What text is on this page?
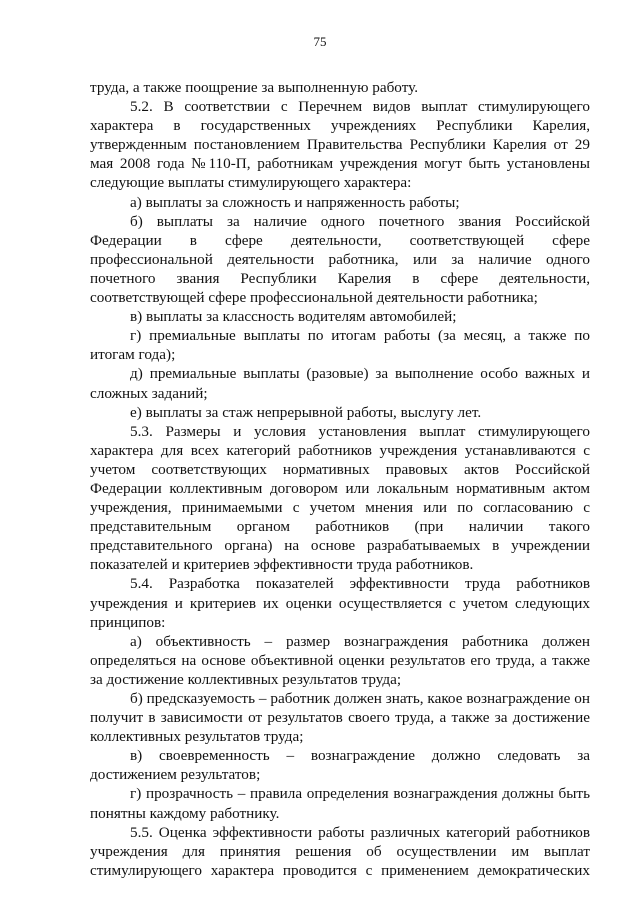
75

труда, а также поощрение за выполненную работу.

5.2. В соответствии с Перечнем видов выплат стимулирующего характера в государственных учреждениях Республики Карелия, утвержденным постановлением Правительства Республики Карелия от 29 мая 2008 года №110-П, работникам учреждения могут быть установлены следующие выплаты стимулирующего характера:

а) выплаты за сложность и напряженность работы;

б) выплаты за наличие одного почетного звания Российской Федерации в сфере деятельности, соответствующей сфере профессиональной деятельности работника, или за наличие одного почетного звания Республики Карелия в сфере деятельности, соответствующей сфере профессиональной деятельности работника;

в) выплаты за классность водителям автомобилей;

г) премиальные выплаты по итогам работы (за месяц, а также по итогам года);

д) премиальные выплаты (разовые) за выполнение особо важных и сложных заданий;

е) выплаты за стаж непрерывной работы, выслугу лет.

5.3. Размеры и условия установления выплат стимулирующего характера для всех категорий работников учреждения устанавливаются с учетом соответствующих нормативных правовых актов Российской Федерации коллективным договором или локальным нормативным актом учреждения, принимаемыми с учетом мнения или по согласованию с представительным органом работников (при наличии такого представительного органа) на основе разрабатываемых в учреждении показателей и критериев эффективности труда работников.

5.4. Разработка показателей эффективности труда работников учреждения и критериев их оценки осуществляется с учетом следующих принципов:

а) объективность – размер вознаграждения работника должен определяться на основе объективной оценки результатов его труда, а также за достижение коллективных результатов труда;

б) предсказуемость – работник должен знать, какое вознаграждение он получит в зависимости от результатов своего труда, а также за достижение коллективных результатов труда;

в) своевременность – вознаграждение должно следовать за достижением результатов;

г) прозрачность – правила определения вознаграждения должны быть понятны каждому работнику.

5.5. Оценка эффективности работы различных категорий работников учреждения для принятия решения об осуществлении им выплат стимулирующего характера проводится с применением демократических
